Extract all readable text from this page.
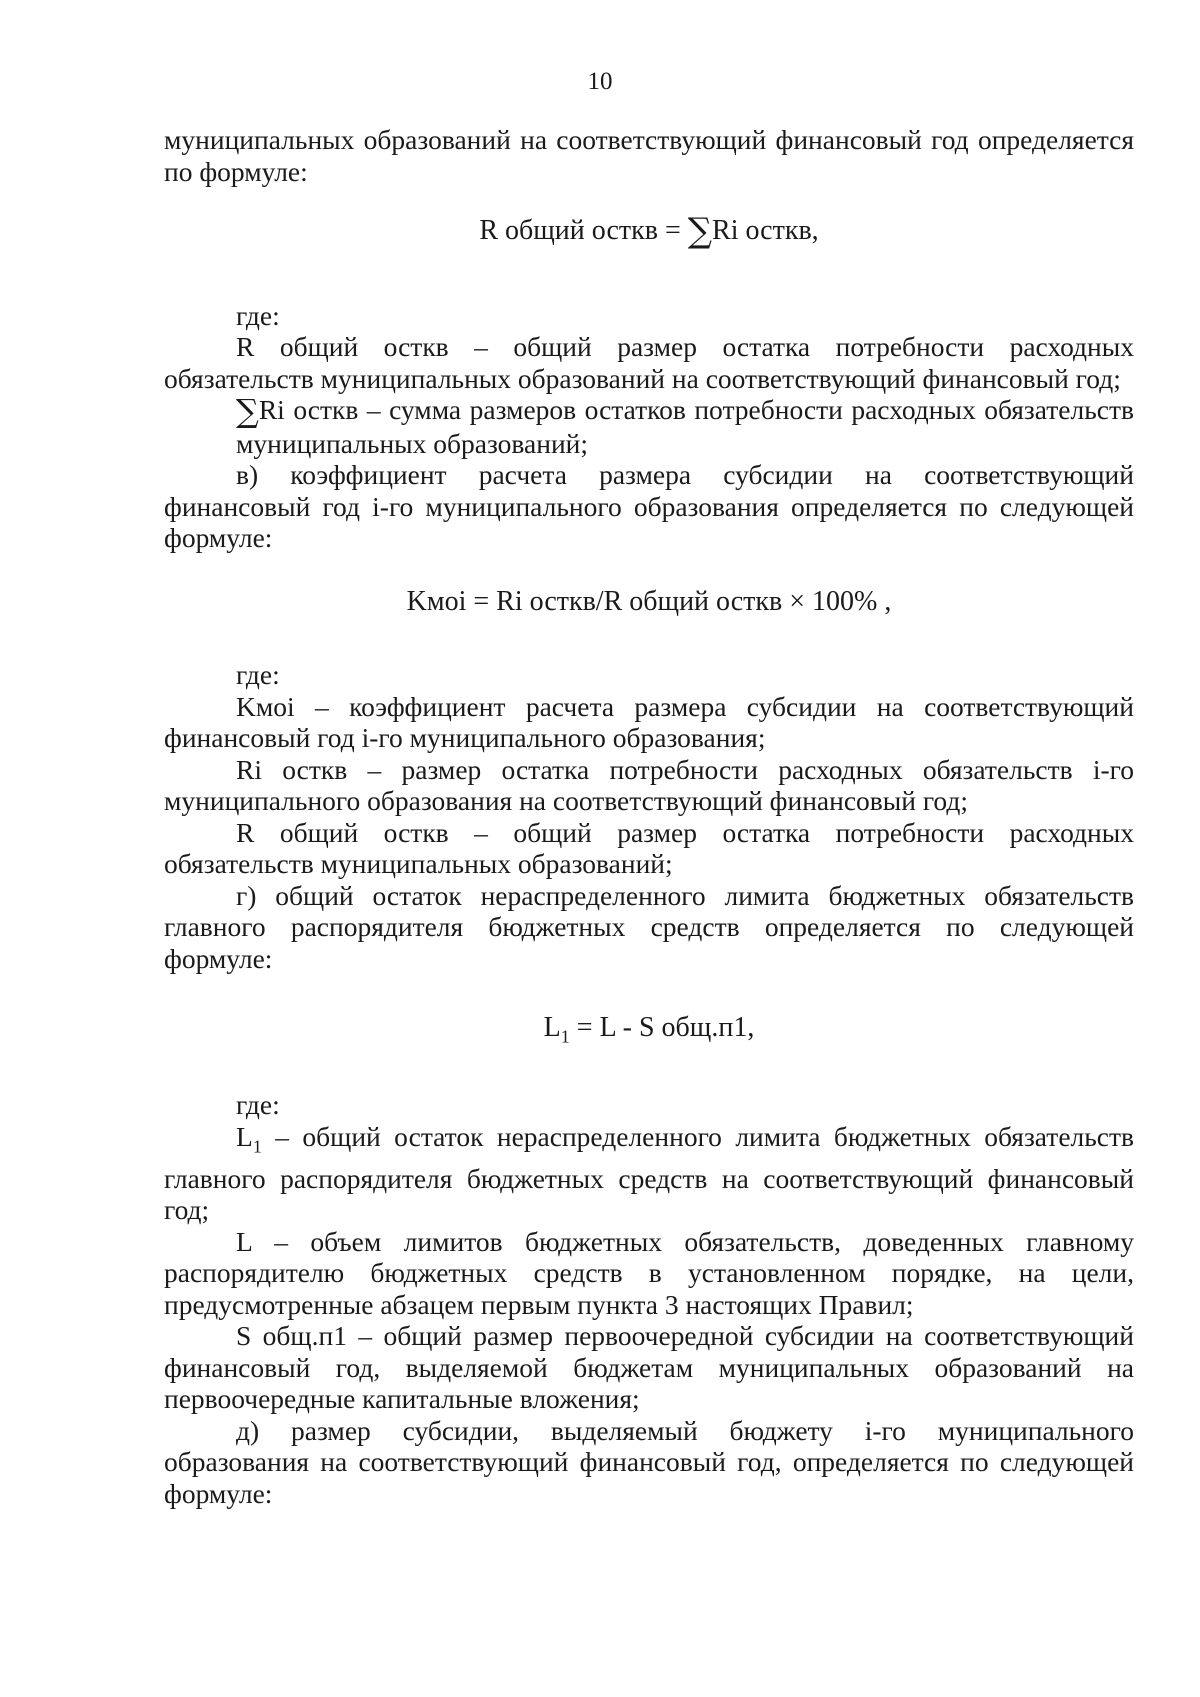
10

муниципальных образований на соответствующий финансовый год определяется по формуле:

R общий осткв = ∑Ri осткв,

где:

R общий осткв – общий размер остатка потребности расходных обязательств муниципальных образований на соответствующий финансовый год;

∑Ri осткв – сумма размеров остатков потребности расходных обязательств муниципальных образований;

в) коэффициент расчета размера субсидии на соответствующий финансовый год i-го муниципального образования определяется по следующей формуле:

Kмoi = Ri осткв/R общий осткв × 100% ,

где:

Kмoi – коэффициент расчета размера субсидии на соответствующий финансовый год i-го муниципального образования;

Ri осткв – размер остатка потребности расходных обязательств i-го муниципального образования на соответствующий финансовый год;

R общий осткв – общий размер остатка потребности расходных обязательств муниципальных образований;

г) общий остаток нераспределенного лимита бюджетных обязательств главного распорядителя бюджетных средств определяется по следующей формуле:

$L_1 = L - S$ общ.п1,

где:

$L_1$ – общий остаток нераспределенного лимита бюджетных обязательств главного распорядителя бюджетных средств на соответствующий финансовый год;

L – объем лимитов бюджетных обязательств, доведенных главному распорядителю бюджетных средств в установленном порядке, на цели, предусмотренные абзацем первым пункта 3 настоящих Правил;

S общ.п1 – общий размер первоочередной субсидии на соответствующий финансовый год, выделяемой бюджетам муниципальных образований на первоочередные капитальные вложения;

д) размер субсидии, выделяемый бюджету i-го муниципального образования на соответствующий финансовый год, определяется по следующей формуле:
